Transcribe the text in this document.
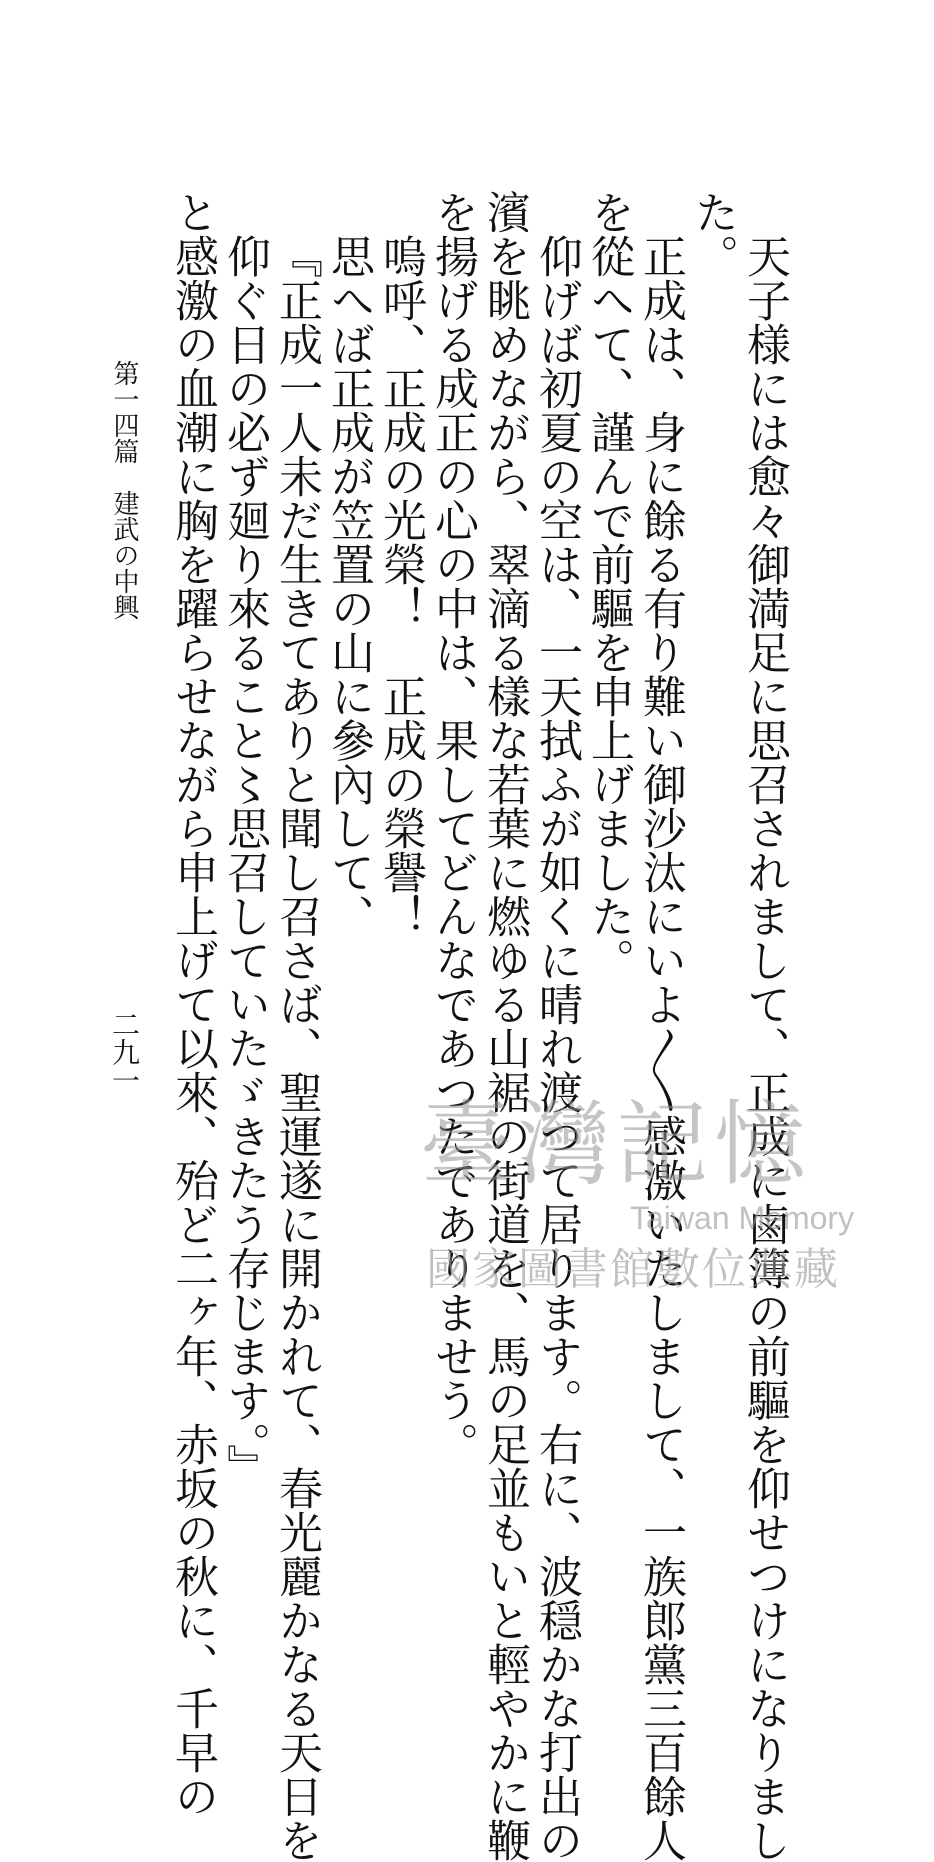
天子様には愈々御満足に思召されまして、正成に鹵簿の前驅を仰せつけになりまし

た。

正成は、身に餘る有り難い御沙汰にいよ〳〵感激いたしまして、一族郎黨三百餘人

を從へて、謹んで前驅を申上げました。

仰げば初夏の空は、一天拭ふが如くに晴れ渡つて居ります。右に、波穏かな打出の

濱を眺めながら、翠滴る樣な若葉に燃ゆる山裾の街道を、馬の足並もいと輕やかに鞭

を揚げる成正の心の中は、果してどんなであつたでありませう。

嗚呼、正成の光榮！　正成の榮譽！

思へば正成が笠置の山に參內して、

『正成一人未だ生きてありと聞し召さば、聖運遂に開かれて、春光麗かなる天日を

仰ぐ日の必ず廻り來ること〻思召していたゞきたう存じます。』

と感激の血潮に胸を躍らせながら申上げて以來、殆ど二ヶ年、赤坂の秋に、千早の

第一四篇　建武の中興
二九一
臺灣記憶
Taiwan Memory
國家圖書館數位典藏
